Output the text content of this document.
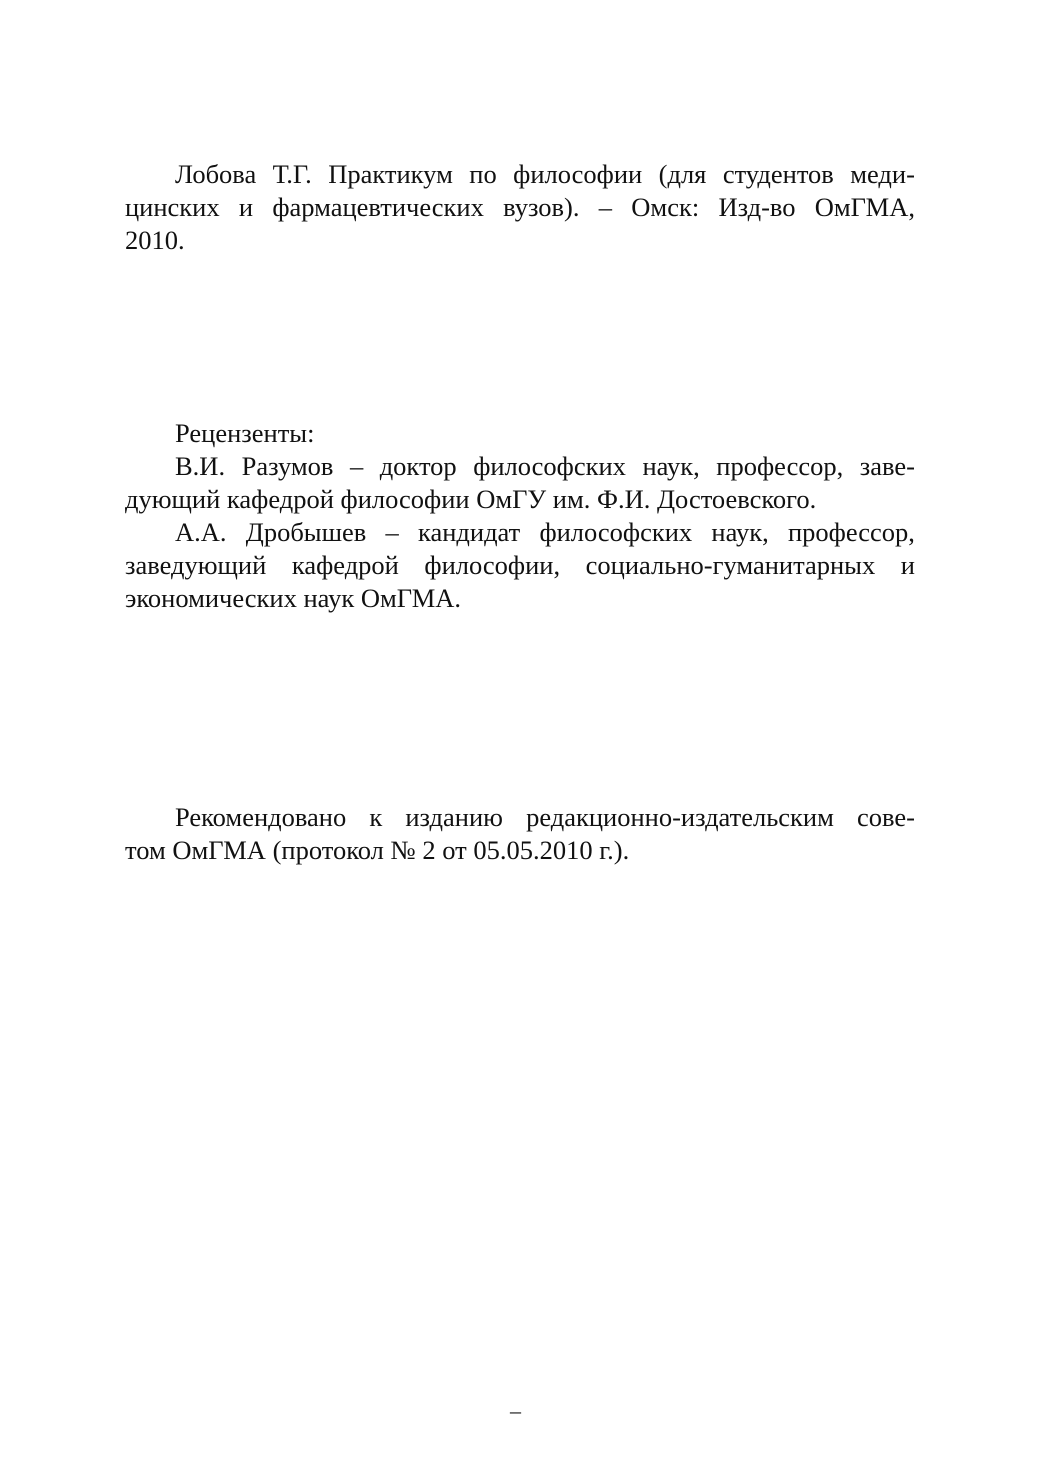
Лобова Т.Г. Практикум по философии (для студентов меди-
цинских и фармацевтических вузов). – Омск: Изд-во ОмГМА,
2010.
Рецензенты:
В.И. Разумов – доктор философских наук, профессор, заве-
дующий кафедрой философии ОмГУ им. Ф.И. Достоевского.
А.А. Дробышев – кандидат философских наук, профессор,
заведующий кафедрой философии, социально-гуманитарных и
экономических наук ОмГМА.
Рекомендовано к изданию редакционно-издательским сове-
том ОмГМА (протокол № 2 от 05.05.2010 г.).
–
